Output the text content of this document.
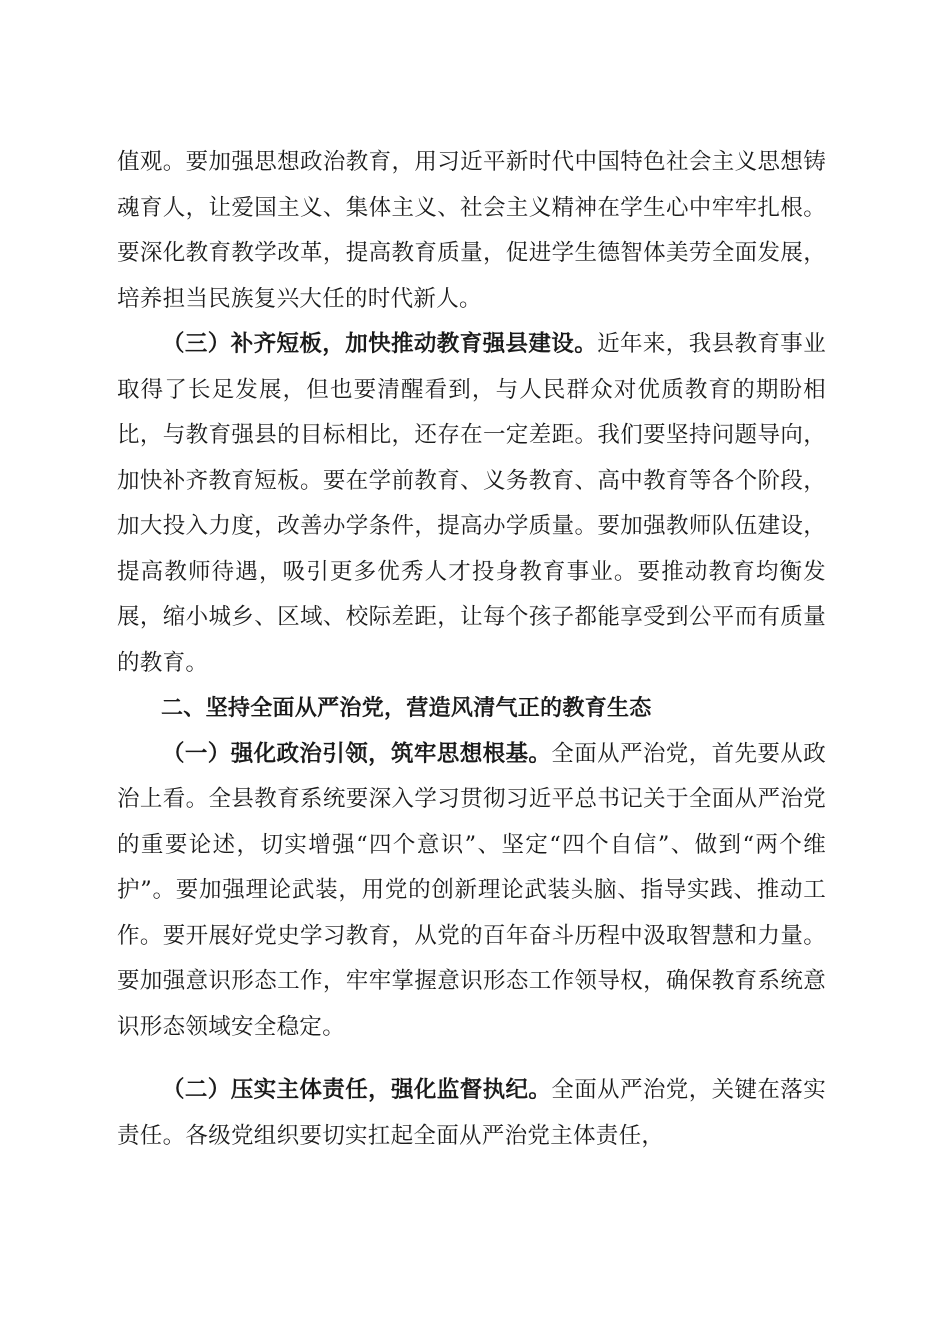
值观。要加强思想政治教育，用习近平新时代中国特色社会主义思想铸魂育人，让爱国主义、集体主义、社会主义精神在学生心中牢牢扎根。要深化教育教学改革，提高教育质量，促进学生德智体美劳全面发展，培养担当民族复兴大任的时代新人。

（三）补齐短板，加快推动教育强县建设。近年来，我县教育事业取得了长足发展，但也要清醒看到，与人民群众对优质教育的期盼相比，与教育强县的目标相比，还存在一定差距。我们要坚持问题导向，加快补齐教育短板。要在学前教育、义务教育、高中教育等各个阶段，加大投入力度，改善办学条件，提高办学质量。要加强教师队伍建设，提高教师待遇，吸引更多优秀人才投身教育事业。要推动教育均衡发展，缩小城乡、区域、校际差距，让每个孩子都能享受到公平而有质量的教育。

二、坚持全面从严治党，营造风清气正的教育生态

（一）强化政治引领，筑牢思想根基。全面从严治党，首先要从政治上看。全县教育系统要深入学习贯彻习近平总书记关于全面从严治党的重要论述，切实增强“四个意识”、坚定“四个自信”、做到“两个维护”。要加强理论武装，用党的创新理论武装头脑、指导实践、推动工作。要开展好党史学习教育，从党的百年奋斗历程中汲取智慧和力量。要加强意识形态工作，牢牢掌握意识形态工作领导权，确保教育系统意识形态领域安全稳定。

（二）压实主体责任，强化监督执纪。全面从严治党，关键在落实责任。各级党组织要切实扛起全面从严治党主体责任，
